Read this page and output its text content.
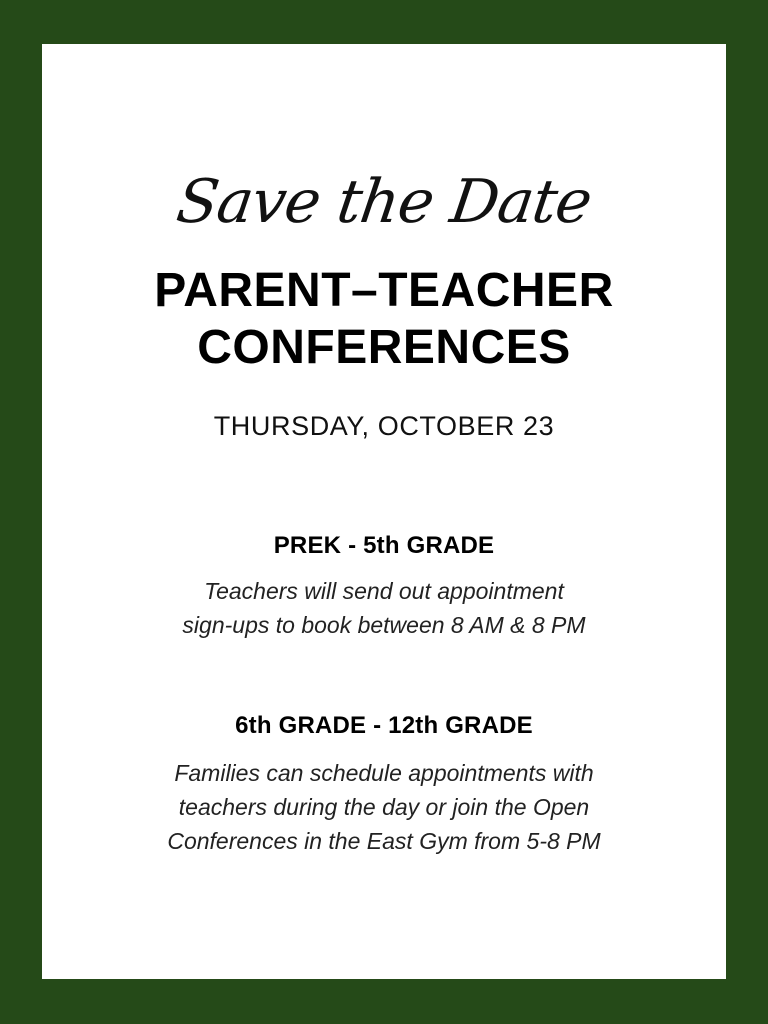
Save the Date
PARENT–TEACHER
CONFERENCES
THURSDAY, OCTOBER 23
PREK - 5th GRADE
Teachers will send out appointment
sign-ups to book between 8 AM & 8 PM
6th GRADE - 12th GRADE
Families can schedule appointments with
teachers during the day or join the Open
Conferences in the East Gym from 5-8 PM
